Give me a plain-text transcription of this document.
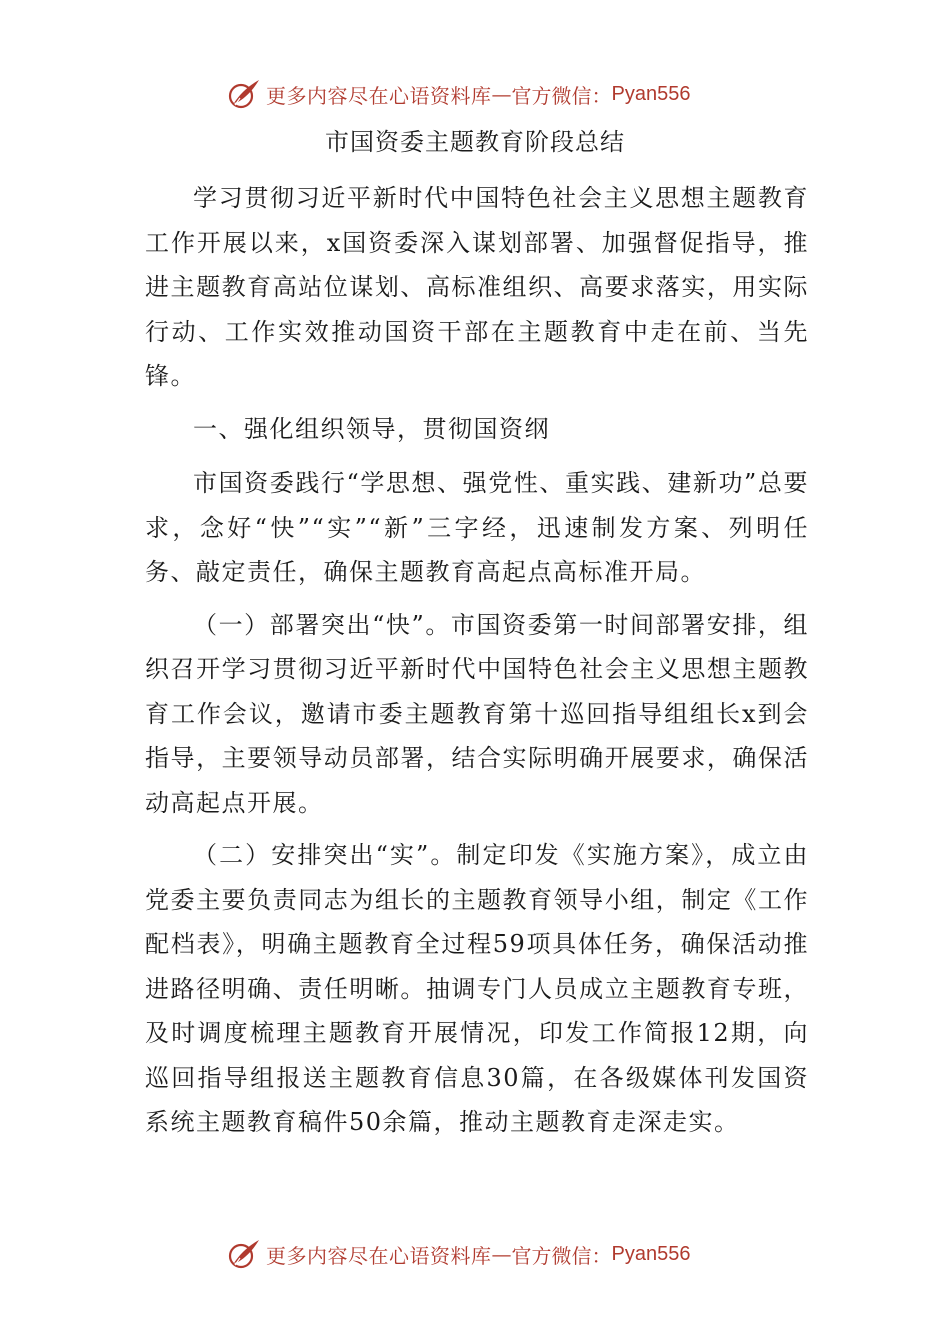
更多内容尽在心语资料库 — 官方微信： Pyan556
市国资委主题教育阶段总结

学习贯彻习近平新时代中国特色社会主义思想主题教育工作开展以来，x国资委深入谋划部署、加强督促指导，推进主题教育高站位谋划、高标准组织、高要求落实，用实际行动、工作实效推动国资干部在主题教育中走在前、当先锋。

一、强化组织领导，贯彻国资纲

市国资委践行“学思想、强党性、重实践、建新功”总要求，念好“快”“实”“新”三字经，迅速制发方案、列明任务、敲定责任，确保主题教育高起点高标准开局。

（一）部署突出“快”。市国资委第一时间部署安排，组织召开学习贯彻习近平新时代中国特色社会主义思想主题教育工作会议，邀请市委主题教育第十巡回指导组组长x到会指导，主要领导动员部署，结合实际明确开展要求，确保活动高起点开展。

（二）安排突出“实”。制定印发《实施方案》，成立由党委主要负责同志为组长的主题教育领导小组，制定《工作配档表》，明确主题教育全过程59项具体任务，确保活动推进路径明确、责任明晰。抽调专门人员成立主题教育专班，及时调度梳理主题教育开展情况，印发工作简报12期，向巡回指导组报送主题教育信息30篇，在各级媒体刊发国资系统主题教育稿件50余篇，推动主题教育走深走实。

更多内容尽在心语资料库 — 官方微信： Pyan556
